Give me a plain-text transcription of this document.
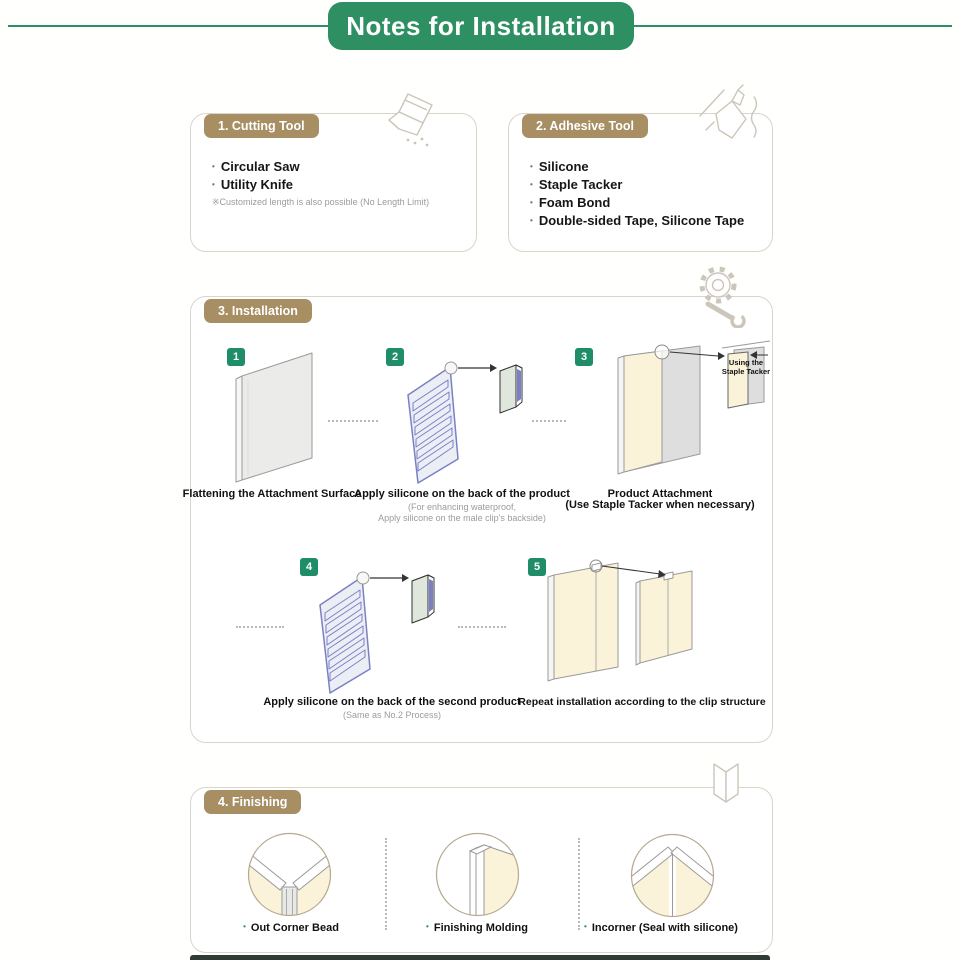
Notes for Installation
1. Cutting Tool
• Circular Saw
• Utility Knife
※Customized length is also possible (No Length Limit)
2. Adhesive Tool
• Silicone
• Staple Tacker
• Foam Bond
• Double-sided Tape, Silicone Tape
3. Installation
1	2	3	Using the
Staple Tacker
Flattening the Attachment Surface
Apply silicone on the back of the product
(For enhancing waterproof,
Apply silicone on the male clip's backside)
Product Attachment
(Use Staple Tacker when necessary)
4	5
Apply silicone on the back of the second product
(Same as No.2 Process)
Repeat installation according to the clip structure
4. Finishing
• Out Corner Bead	• Finishing Molding	• Incorner (Seal with silicone)
